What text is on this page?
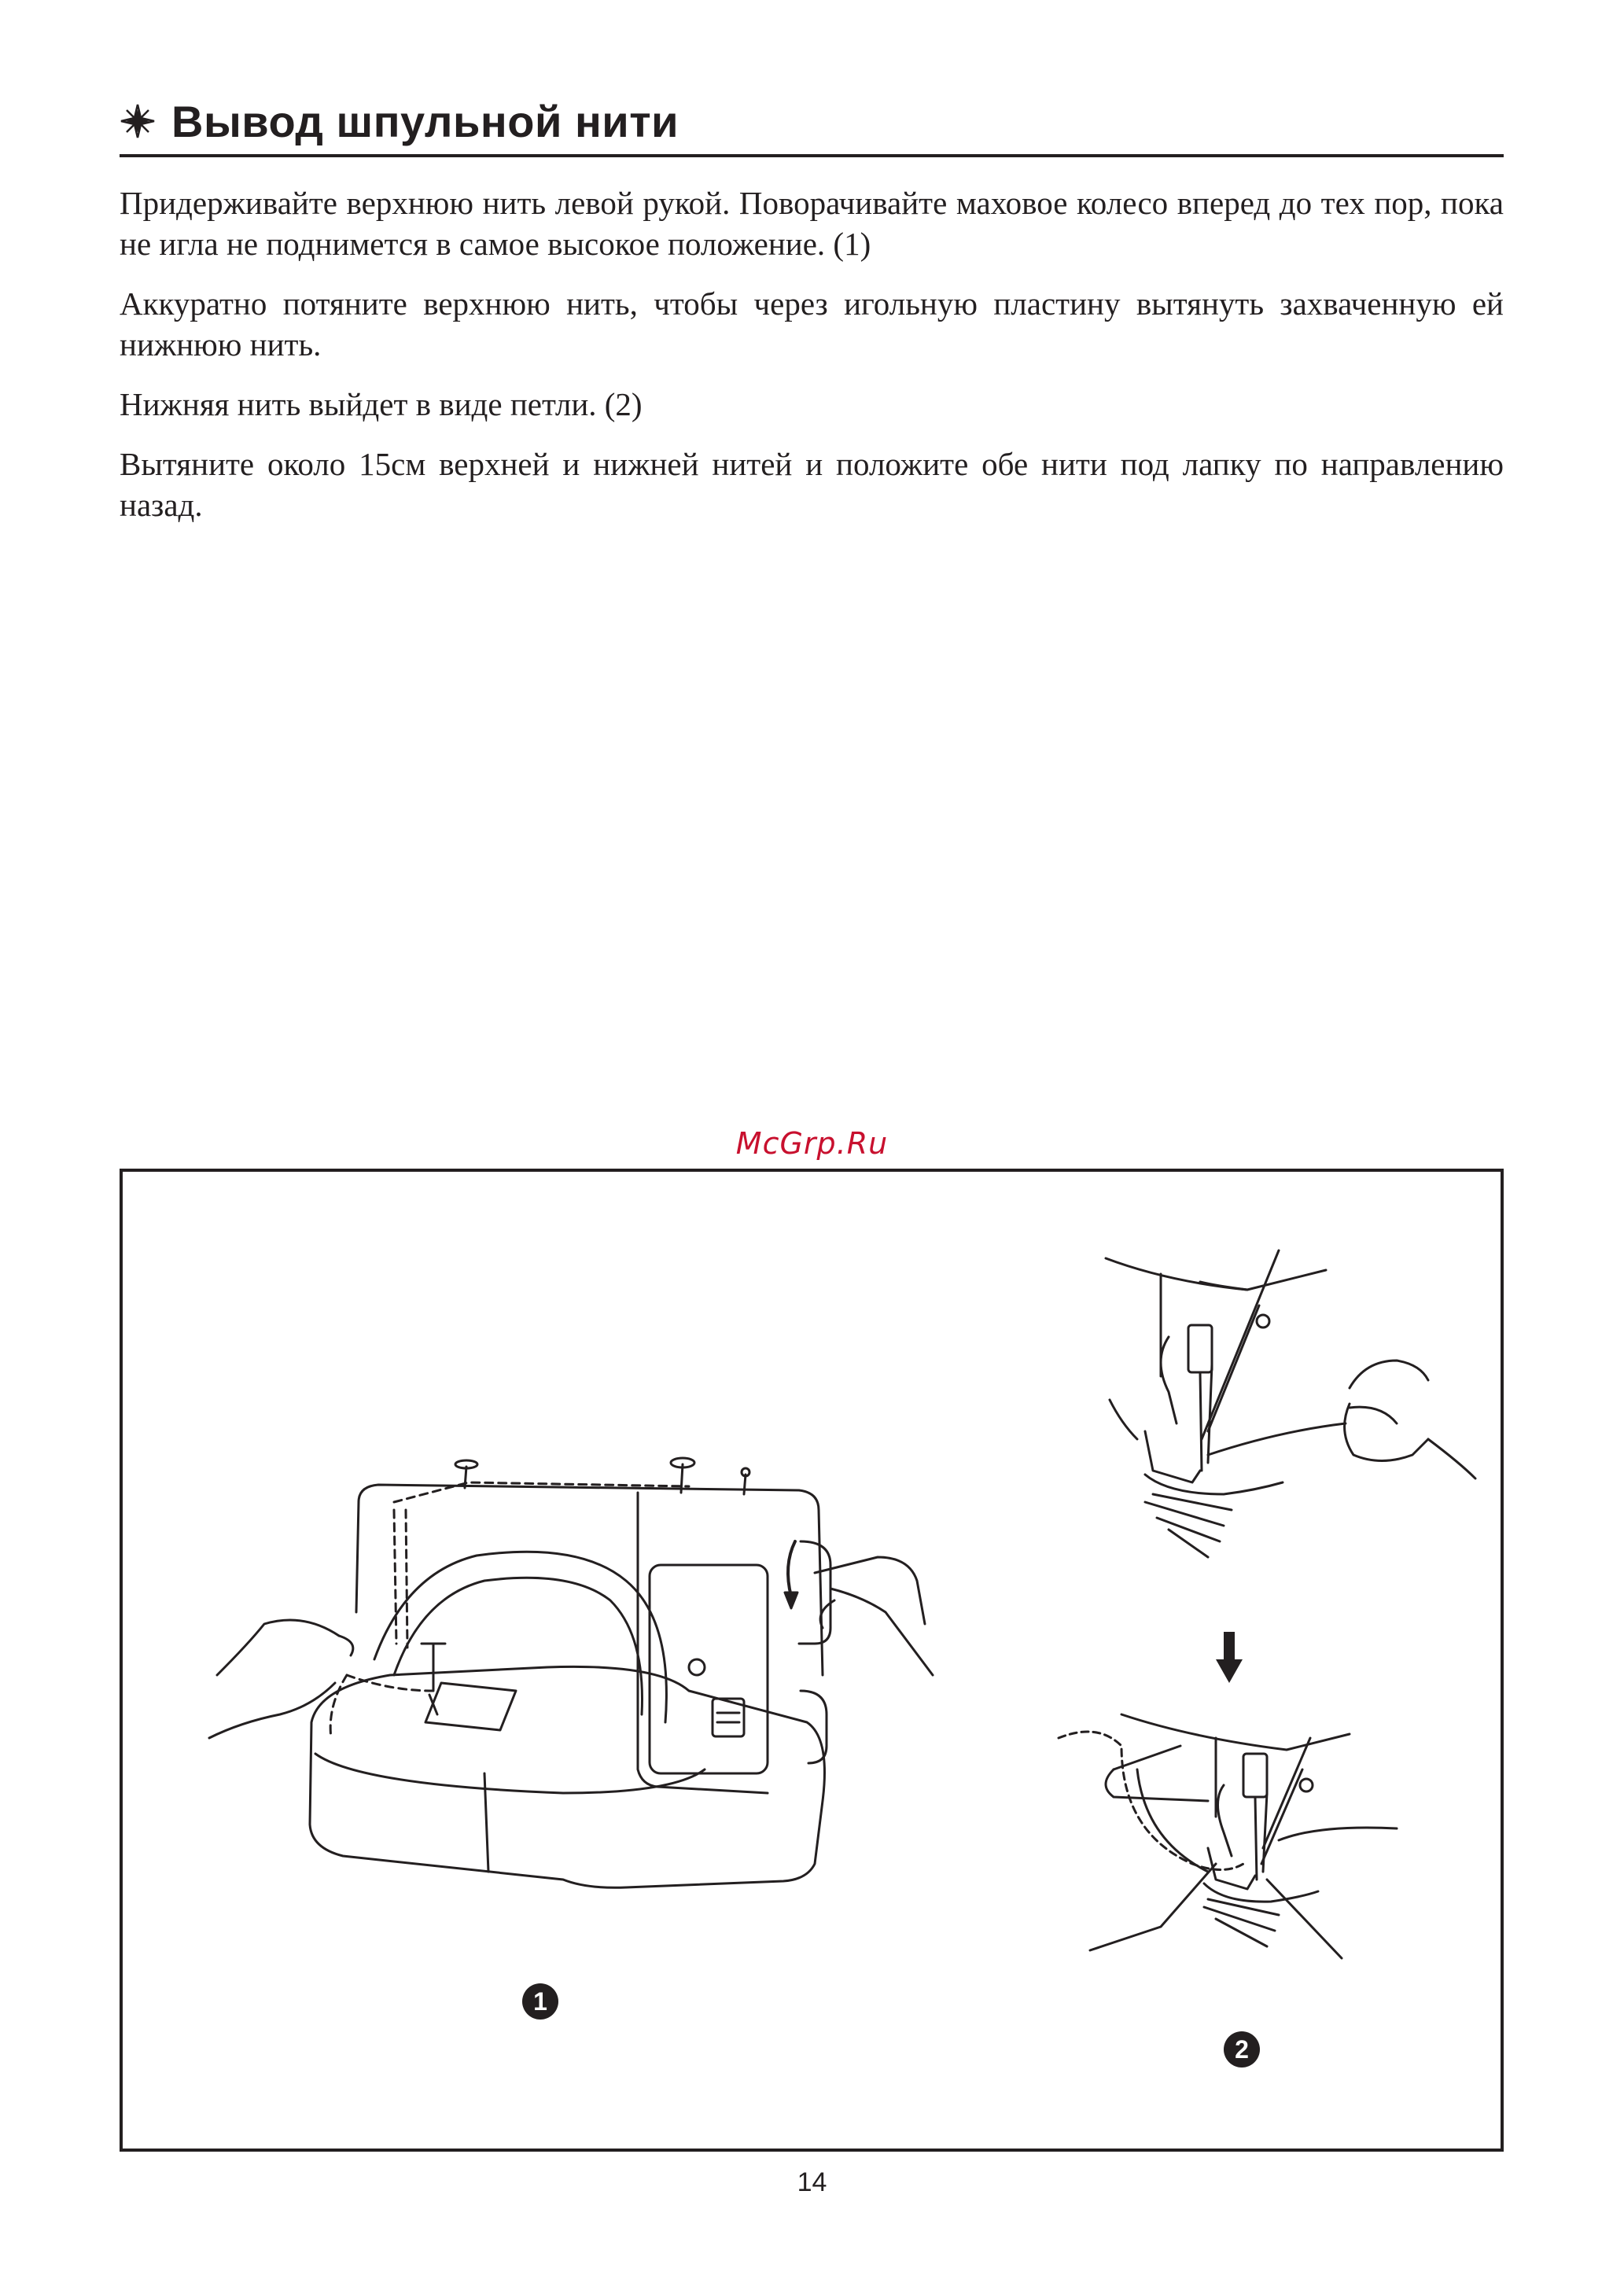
Вывод шпульной нити

Придерживайте верхнюю нить левой рукой. Поворачивайте маховое колесо вперед до тех пор, пока не игла не поднимется в самое высокое положение. (1)

Аккуратно потяните верхнюю нить, чтобы через игольную пластину вытянуть захваченную ей нижнюю нить.

Нижняя нить выйдет в виде петли. (2)

Вытяните около 15см верхней и нижней нитей и положите обе нити под лапку по направлению назад.

McGrp.Ru
1
2
14
